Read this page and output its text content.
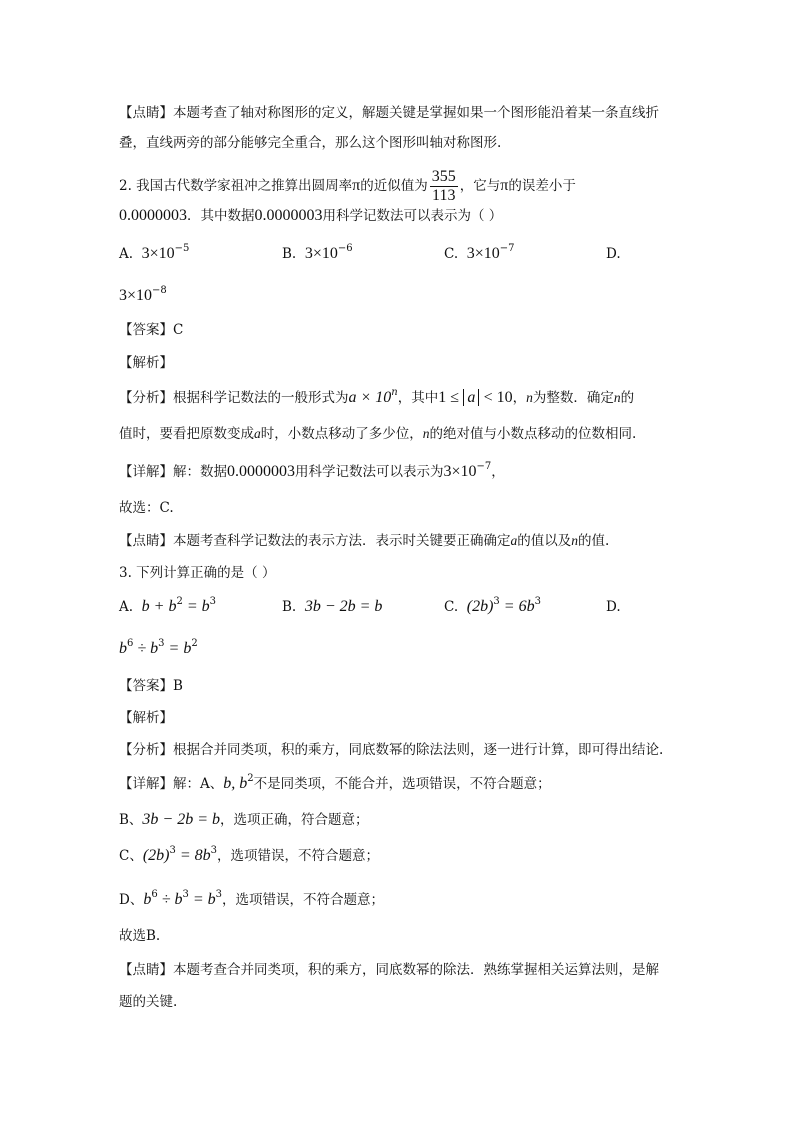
【点睛】本题考查了轴对称图形的定义，解题关键是掌握如果一个图形能沿着某一条直线折
叠，直线两旁的部分能够完全重合，那么这个图形叫轴对称图形.
2. 我国古代数学家祖冲之推算出圆周率π的近似值为 $\frac{355}{113}$ ，它与π的误差小于
0.0000003．其中数据0.0000003用科学记数法可以表示为（ ）
A. $3\times 10^{-5}$	B. $3\times 10^{-6}$	C. $3\times 10^{-7}$	D.
$3\times 10^{-8}$
【答案】C
【解析】
【分析】根据科学记数法的一般形式为$a \times 10^n$，其中1 ≤ a < 10，n为整数．确定n的
值时，要看把原数变成a时，小数点移动了多少位，n的绝对值与小数点移动的位数相同.
【详解】解：数据0.0000003用科学记数法可以表示为$3\times 10^{-7}$，
故选：C.
【点睛】本题考查科学记数法的表示方法．表示时关键要正确确定a的值以及n的值.
3. 下列计算正确的是（ ）
A. $b + b^2 = b^3$	B. 3b − 2b = b	C. $(2b)^3 = 6b^3$	D.
$b^6 \div b^3 = b^2$
【答案】B
【解析】
【分析】根据合并同类项，积的乘方，同底数幂的除法法则，逐一进行计算，即可得出结论.
【详解】解：A、b, $b^2$不是同类项，不能合并，选项错误，不符合题意；
B、3b − 2b = b，选项正确，符合题意；
C、$(2b)^3 = 8b^3$，选项错误，不符合题意；
D、$b^6 \div b^3 = b^3$，选项错误，不符合题意；
故选B.
【点睛】本题考查合并同类项，积的乘方，同底数幂的除法．熟练掌握相关运算法则，是解
题的关键.
